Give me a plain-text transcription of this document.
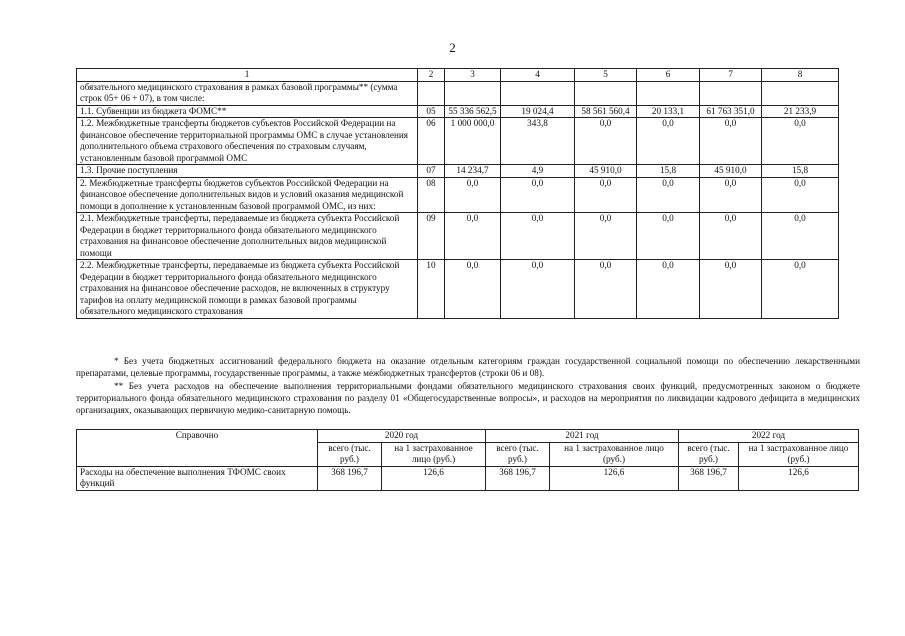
2
1	2	3	4	5	6	7	8
обязательного медицинского страхования в рамках базовой программы** (сумма строк 05+ 06 + 07), в том числе:							
1.1. Субвенции из бюджета ФОМС**	05	55 336 562,5	19 024,4	58 561 560,4	20 133,1	61 763 351,0	21 233,9
1.2. Межбюджетные трансферты бюджетов субъектов Российской Федерации на финансовое обеспечение территориальной программы ОМС в случае установления дополнительного объема страхового обеспечения по страховым случаям, установленным базовой программой ОМС	06	1 000 000,0	343,8	0,0	0,0	0,0	0,0
1.3. Прочие поступления	07	14 234,7	4,9	45 910,0	15,8	45 910,0	15,8
2. Межбюджетные трансферты бюджетов субъектов Российской Федерации на финансовое обеспечение дополнительных видов и условий оказания медицинской помощи в дополнение к установленным базовой программой ОМС, из них:	08	0,0	0,0	0,0	0,0	0,0	0,0
2.1. Межбюджетные трансферты, передаваемые из бюджета субъекта Российской Федерации в бюджет территориального фонда обязательного медицинского страхования на финансовое обеспечение дополнительных видов медицинской помощи	09	0,0	0,0	0,0	0,0	0,0	0,0
2.2. Межбюджетные трансферты, передаваемые из бюджета субъекта Российской Федерации в бюджет территориального фонда обязательного медицинского страхования на финансовое обеспечение расходов, не включенных в структуру тарифов на оплату медицинской помощи в рамках базовой программы обязательного медицинского страхования	10	0,0	0,0	0,0	0,0	0,0	0,0

* Без учета бюджетных ассигнований федерального бюджета на оказание отдельным категориям граждан государственной социальной помощи по обеспечению лекарственными препаратами, целевые программы, государственные программы, а также межбюджетных трансфертов (строки 06 и 08).

** Без учета расходов на обеспечение выполнения территориальными фондами обязательного медицинского страхования своих функций, предусмотренных законом о бюджете территориального фонда обязательного медицинского страхования по разделу 01 «Общегосударственные вопросы», и расходов на мероприятия по ликвидации кадрового дефицита в медицинских организациях, оказывающих первичную медико-санитарную помощь.

Справочно	2020 год		2021 год		2022 год	
	всего (тыс. руб.)	на 1 застрахованное лицо (руб.)	всего (тыс. руб.)	на 1 застрахованное лицо (руб.)	всего (тыс. руб.)	на 1 застрахованное лицо (руб.)
Расходы на обеспечение выполнения ТФОМС своих функций	368 196,7	126,6	368 196,7	126,6	368 196,7	126,6
